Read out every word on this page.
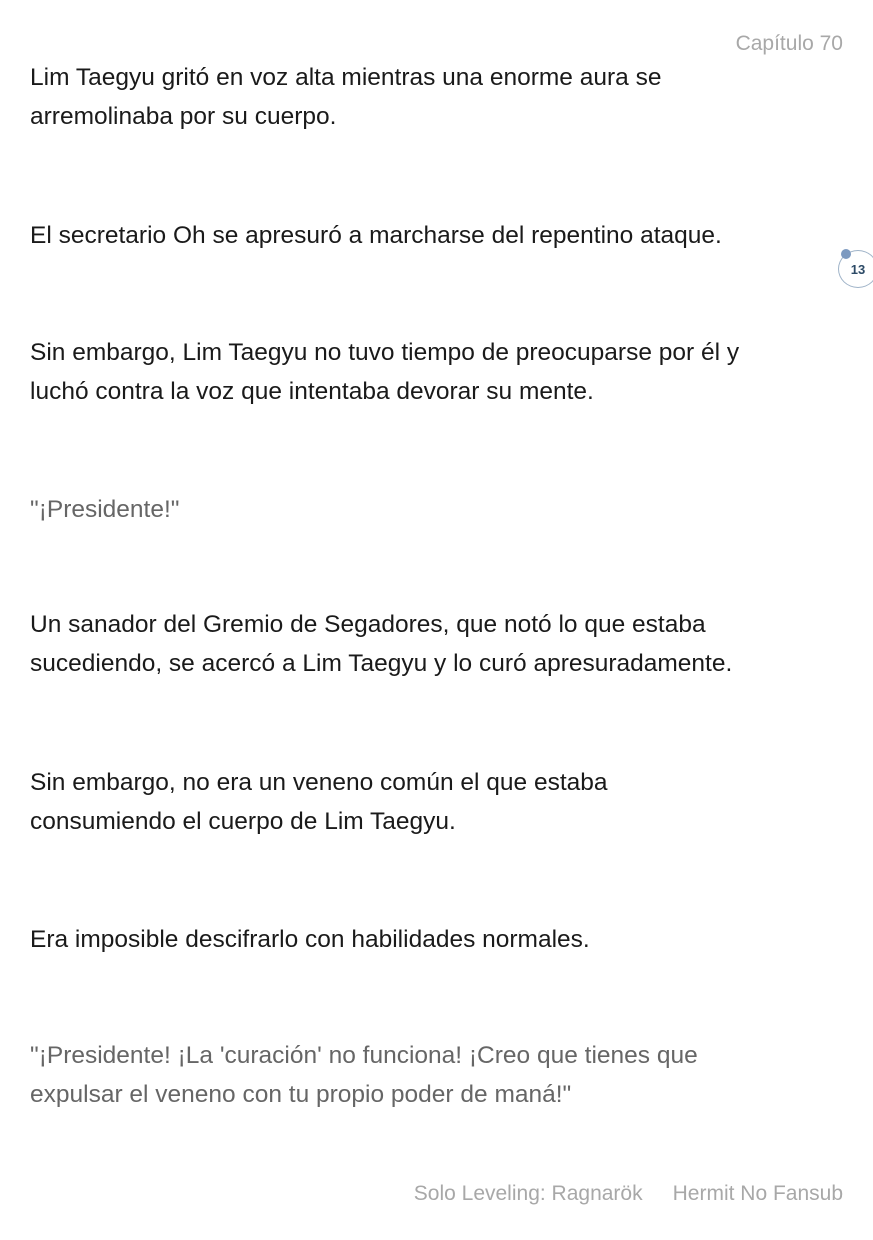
Capítulo 70
Lim Taegyu gritó en voz alta mientras una enorme aura se
arremolinaba por su cuerpo.
El secretario Oh se apresuró a marcharse del repentino ataque.
Sin embargo, Lim Taegyu no tuvo tiempo de preocuparse por él y
luchó contra la voz que intentaba devorar su mente.
"¡Presidente!"
Un sanador del Gremio de Segadores, que notó lo que estaba
sucediendo, se acercó a Lim Taegyu y lo curó apresuradamente.
Sin embargo, no era un veneno común el que estaba
consumiendo el cuerpo de Lim Taegyu.
Era imposible descifrarlo con habilidades normales.
"¡Presidente! ¡La 'curación' no funciona! ¡Creo que tienes que
expulsar el veneno con tu propio poder de maná!"
13
Solo Leveling: Ragnarök Hermit No Fansub
